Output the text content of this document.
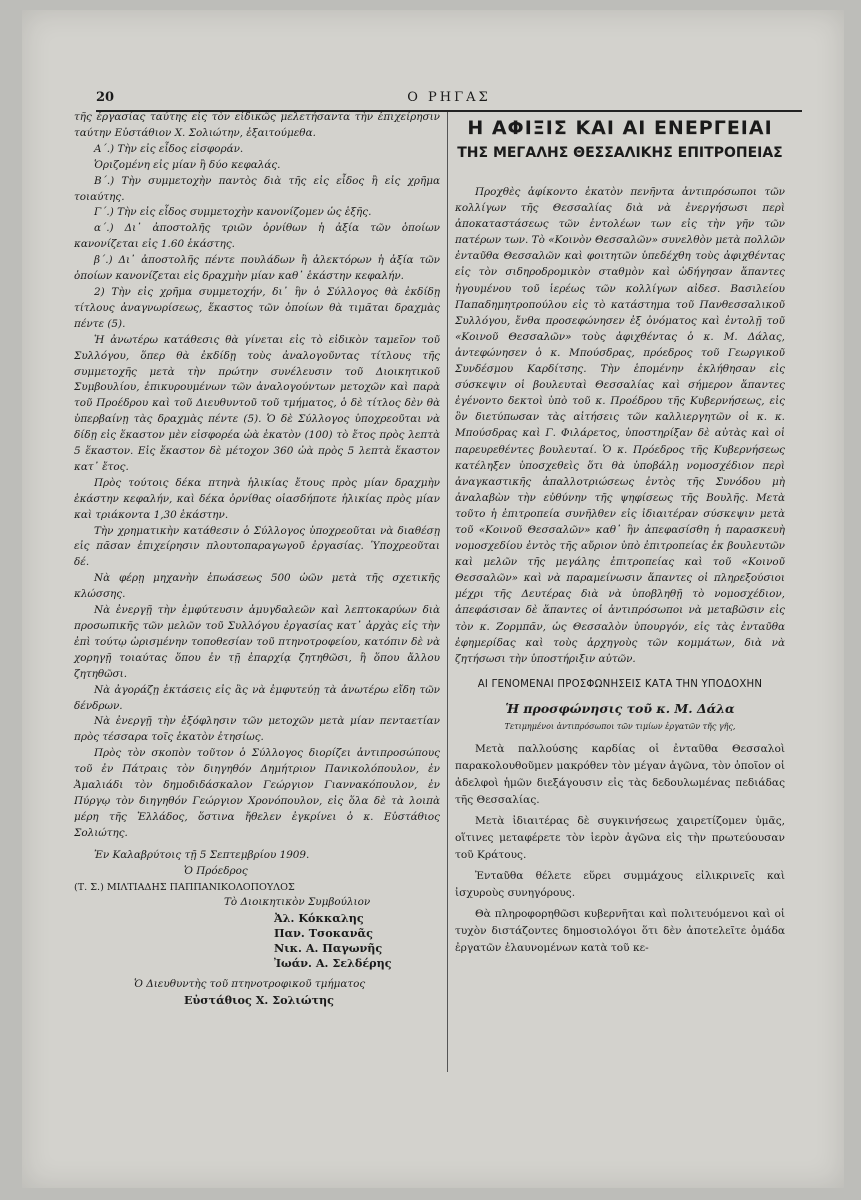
20	Ο ΡΗΓΑΣ

τῆς ἐργασίας ταύτης εἰς τὸν εἰδικῶς μελετήσαντα τὴν ἐπιχείρησιν ταύτην Εὐστάθιον Χ. Σολιώτην, ἐξαιτούμεθα.

Α΄.) Τὴν εἰς εἶδος εἰσφοράν.

Ὁριζομένη εἰς μίαν ἢ δύο κεφαλάς.

Β΄.) Τὴν συμμετοχὴν παντὸς διὰ τῆς εἰς εἶδος ἢ εἰς χρῆμα τοιαύτης.

Γ΄.) Τὴν εἰς εἶδος συμμετοχὴν κανονίζομεν ὡς ἑξῆς.

α΄.) Δι᾽ ἀποστολῆς τριῶν ὀρνίθων ἡ ἀξία τῶν ὁποίων κανονίζεται εἰς 1.60 ἑκάστης.

β΄.) Δι᾽ ἀποστολῆς πέντε πουλάδων ἢ ἀλεκτόρων ἡ ἀξία τῶν ὁποίων κανονίζεται εἰς δραχμὴν μίαν καθ᾽ ἑκάστην κεφαλήν.

2) Τὴν εἰς χρῆμα συμμετοχήν, δι᾽ ἣν ὁ Σύλλογος θὰ ἐκδίδῃ τίτλους ἀναγνωρίσεως, ἕκαστος τῶν ὁποίων θὰ τιμᾶται δραχμὰς πέντε (5).

Ἡ ἀνωτέρω κατάθεσις θὰ γίνεται εἰς τὸ εἰδικὸν ταμεῖον τοῦ Συλλόγου, ὅπερ θὰ ἐκδίδῃ τοὺς ἀναλογοῦντας τίτλους τῆς συμμετοχῆς μετὰ τὴν πρώτην συνέλευσιν τοῦ Διοικητικοῦ Συμβουλίου, ἐπικυρουμένων τῶν ἀναλογούντων μετοχῶν καὶ παρὰ τοῦ Προέδρου καὶ τοῦ Διευθυντοῦ τοῦ τμήματος, ὁ δὲ τίτλος δὲν θὰ ὑπερβαίνῃ τὰς δραχμὰς πέντε (5). Ὁ δὲ Σύλλογος ὑποχρεοῦται νὰ δίδῃ εἰς ἕκαστον μὲν εἰσφορέα ὠὰ ἑκατὸν (100) τὸ ἔτος πρὸς λεπτὰ 5 ἕκαστον. Εἰς ἕκαστον δὲ μέτοχον 360 ὠὰ πρὸς 5 λεπτὰ ἕκαστον κατ᾽ ἔτος.

Πρὸς τούτοις δέκα πτηνὰ ἡλικίας ἔτους πρὸς μίαν δραχμὴν ἑκάστην κεφαλήν, καὶ δέκα ὀρνίθας οἱασδήποτε ἡλικίας πρὸς μίαν καὶ τριάκοντα 1,30 ἑκάστην.

Τὴν χρηματικὴν κατάθεσιν ὁ Σύλλογος ὑποχρεοῦται νὰ διαθέσῃ εἰς πᾶσαν ἐπιχείρησιν πλουτοπαραγωγοῦ ἐργασίας. Ὑποχρεοῦται δέ.

Νὰ φέρῃ μηχανὴν ἐπωάσεως 500 ὠῶν μετὰ τῆς σχετικῆς κλώσσης.

Νὰ ἐνεργῇ τὴν ἐμφύτευσιν ἀμυγδαλεῶν καὶ λεπτοκαρύων διὰ προσωπικῆς τῶν μελῶν τοῦ Συλλόγου ἐργασίας κατ᾽ ἀρχὰς εἰς τὴν ἐπὶ τούτῳ ὡρισμένην τοποθεσίαν τοῦ πτηνοτροφείου, κατόπιν δὲ νὰ χορηγῇ τοιαύτας ὅπου ἐν τῇ ἐπαρχίᾳ ζητηθῶσι, ἢ ὅπου ἄλλου ζητηθῶσι.

Νὰ ἀγοράζῃ ἐκτάσεις εἰς ἃς νὰ ἐμφυτεύῃ τὰ ἀνωτέρω εἴδη τῶν δένδρων.

Νὰ ἐνεργῇ τὴν ἐξόφλησιν τῶν μετοχῶν μετὰ μίαν πενταετίαν πρὸς τέσσαρα τοῖς ἑκατὸν ἐτησίως.

Πρὸς τὸν σκοπὸν τοῦτον ὁ Σύλλογος διορίζει ἀντιπροσώπους τοῦ ἐν Πάτραις τὸν διηγηθόν Δημήτριον Πανικολόπουλον, ἐν Ἀμαλιάδι τὸν δημοδιδάσκαλον Γεώργιον Γιαννακόπουλον, ἐν Πύργῳ τὸν διηγηθόν Γεώργιον Χρονόπουλον, εἰς ὅλα δὲ τὰ λοιπὰ μέρη τῆς Ἑλλάδος, ὅστινα ἤθελεν ἐγκρίνει ὁ κ. Εὐστάθιος Σολιώτης.

Ἐν Καλαβρύτοις τῇ 5 Σεπτεμβρίου 1909.

Ὁ Πρόεδρος

(Τ. Σ.) ΜΙΛΤΙΑΔΗΣ ΠΑΠΠΑΝΙΚΟΛΟΠΟΥΛΟΣ

Τὸ Διοικητικὸν Συμβούλιον

Ἀλ. Κόκκαλης

Παν. Τσοκανᾶς

Νικ. Α. Παγωνῆς

Ἰωάν. Α. Σελδέρης

Ὁ Διευθυντὴς τοῦ πτηνοτροφικοῦ τμήματος

Εὐστάθιος Χ. Σολιώτης

Η ΑΦΙΞΙΣ ΚΑΙ ΑΙ ΕΝΕΡΓΕΙΑΙ
ΤΗΣ ΜΕΓΑΛΗΣ ΘΕΣΣΑΛΙΚΗΣ ΕΠΙΤΡΟΠΕΙΑΣ

Προχθὲς ἀφίκοντο ἑκατὸν πενῆντα ἀντιπρόσωποι τῶν κολλίγων τῆς Θεσσαλίας διὰ νὰ ἐνεργήσωσι περὶ ἀποκαταστάσεως τῶν ἐντολέων των εἰς τὴν γῆν τῶν πατέρων των. Τὸ «Κοινὸν Θεσσαλῶν» συνελθὸν μετὰ πολλῶν ἐνταῦθα Θεσσαλῶν καὶ φοιτητῶν ὑπεδέχθη τοὺς ἀφιχθέντας εἰς τὸν σιδηροδρομικὸν σταθμὸν καὶ ὡδήγησαν ἅπαντες ἡγουμένου τοῦ ἱερέως τῶν κολλίγων αἰδεσ. Βασιλείου Παπαδημητροπούλου εἰς τὸ κατάστημα τοῦ Πανθεσσαλικοῦ Συλλόγου, ἔνθα προσεφώνησεν ἐξ ὀνόματος καὶ ἐντολῇ τοῦ «Κοινοῦ Θεσσαλῶν» τοὺς ἀφιχθέντας ὁ κ. Μ. Δάλας, ἀντεφώνησεν ὁ κ. Μπούσδρας, πρόεδρος τοῦ Γεωργικοῦ Συνδέσμου Καρδίτσης. Τὴν ἑπομένην ἐκλήθησαν εἰς σύσκεψιν οἱ βουλευταὶ Θεσσαλίας καὶ σήμερον ἅπαντες ἐγένοντο δεκτοὶ ὑπὸ τοῦ κ. Προέδρου τῆς Κυβερνήσεως, εἰς ὃν διετύπωσαν τὰς αἰτήσεις τῶν καλλιεργητῶν οἱ κ. κ. Μπούσδρας καὶ Γ. Φιλάρετος, ὑποστηρίξαν δὲ αὐτὰς καὶ οἱ παρευρεθέντες βουλευταί. Ὁ κ. Πρόεδρος τῆς Κυβερνήσεως κατέληξεν ὑποσχεθεὶς ὅτι θὰ ὑποβάλῃ νομοσχέδιον περὶ ἀναγκαστικῆς ἀπαλλοτριώσεως ἐντὸς τῆς Συνόδου μὴ ἀναλαβὼν τὴν εὐθύνην τῆς ψηφίσεως τῆς Βουλῆς. Μετὰ τοῦτο ἡ ἐπιτροπεία συνῆλθεν εἰς ἰδιαιτέραν σύσκεψιν μετὰ τοῦ «Κοινοῦ Θεσσαλῶν» καθ᾽ ἣν ἀπεφασίσθη ἡ παρασκευὴ νομοσχεδίου ἐντὸς τῆς αὔριον ὑπὸ ἐπιτροπείας ἐκ βουλευτῶν καὶ μελῶν τῆς μεγάλης ἐπιτροπείας καὶ τοῦ «Κοινοῦ Θεσσαλῶν» καὶ νὰ παραμείνωσιν ἅπαντες οἱ πληρεξούσιοι μέχρι τῆς Δευτέρας διὰ νὰ ὑποβληθῇ τὸ νομοσχέδιον, ἀπεφάσισαν δὲ ἅπαντες οἱ ἀντιπρόσωποι νὰ μεταβῶσιν εἰς τὸν κ. Ζορμπᾶν, ὡς Θεσσαλὸν ὑπουργόν, εἰς τὰς ἐνταῦθα ἐφημερίδας καὶ τοὺς ἀρχηγοὺς τῶν κομμάτων, διὰ νὰ ζητήσωσι τὴν ὑποστήριξιν αὐτῶν.

ΑΙ ΓΕΝΟΜΕΝΑΙ ΠΡΟΣΦΩΝΗΣΕΙΣ ΚΑΤΑ ΤΗΝ ΥΠΟΔΟΧΗΝ
Ἡ προσφώνησις τοῦ κ. Μ. Δάλα
Τετιμημένοι ἀντιπρόσωποι τῶν τιμίων ἐργατῶν τῆς γῆς,

Μετὰ παλλούσης καρδίας οἱ ἐνταῦθα Θεσσαλοὶ παρακολουθοῦμεν μακρόθεν τὸν μέγαν ἀγῶνα, τὸν ὁποῖον οἱ ἀδελφοὶ ἡμῶν διεξάγουσιν εἰς τὰς δεδουλωμένας πεδιάδας τῆς Θεσσαλίας.

Μετὰ ἰδιαιτέρας δὲ συγκινήσεως χαιρετίζομεν ὑμᾶς, οἵτινες μεταφέρετε τὸν ἱερὸν ἀγῶνα εἰς τὴν πρωτεύουσαν τοῦ Κράτους.

Ἐνταῦθα θέλετε εὕρει συμμάχους εἰλικρινεῖς καὶ ἰσχυροὺς συνηγόρους.

Θὰ πληροφορηθῶσι κυβερνῆται καὶ πολιτευόμενοι καὶ οἱ τυχὸν διστάζοντες δημοσιολόγοι ὅτι δὲν ἀποτελεῖτε ὁμάδα ἐργατῶν ἐλαυνομένων κατὰ τοῦ κε-
